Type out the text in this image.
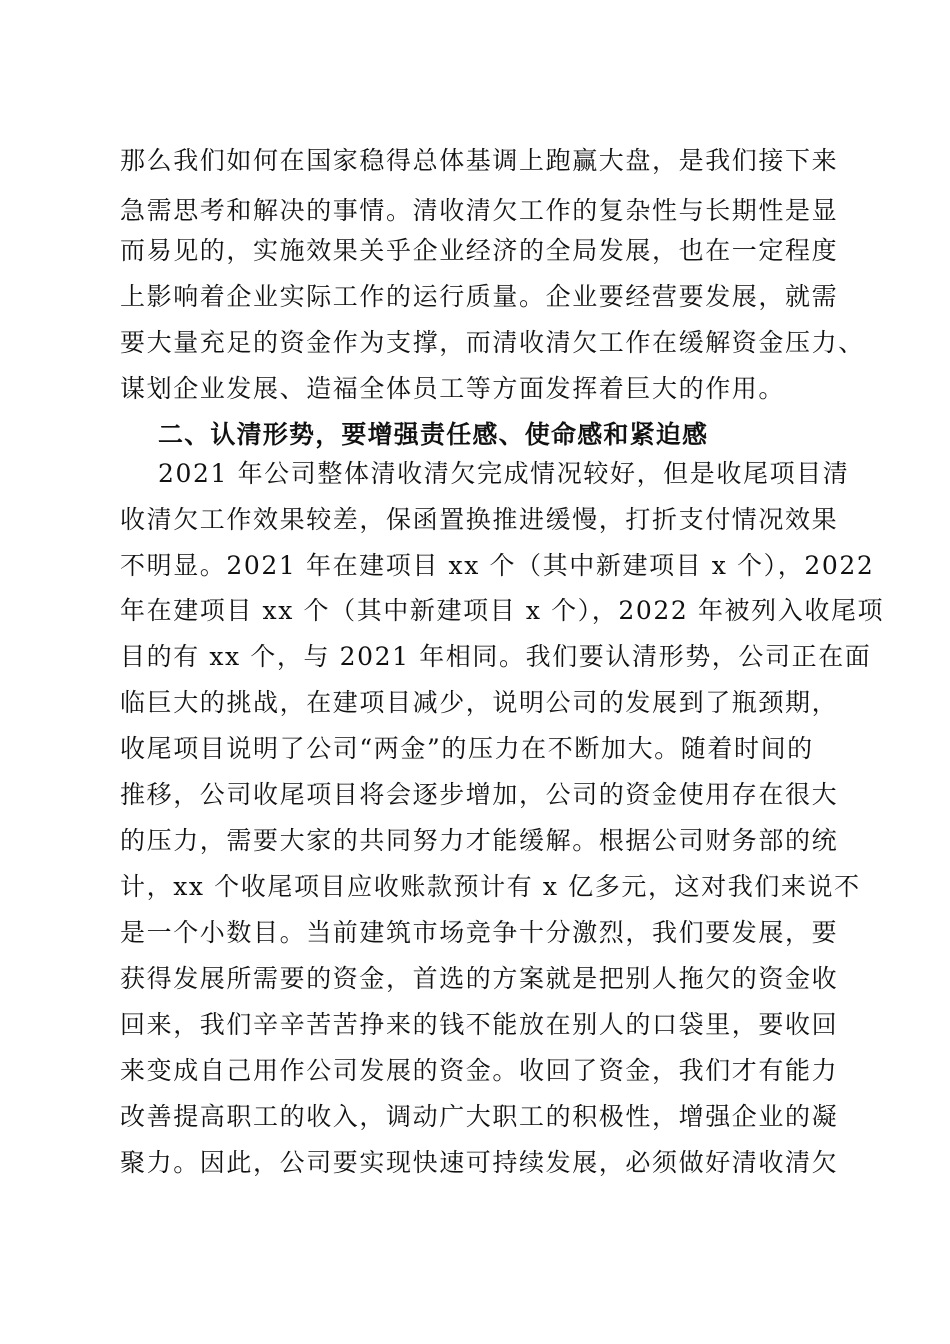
那么我们如何在国家稳得总体基调上跑赢大盘，是我们接下来
急需思考和解决的事情。清收清欠工作的复杂性与长期性是显
而易见的，实施效果关乎企业经济的全局发展，也在一定程度
上影响着企业实际工作的运行质量。企业要经营要发展，就需
要大量充足的资金作为支撑，而清收清欠工作在缓解资金压力、
谋划企业发展、造福全体员工等方面发挥着巨大的作用。
二、认清形势，要增强责任感、使命感和紧迫感
2021 年公司整体清收清欠完成情况较好，但是收尾项目清
收清欠工作效果较差，保函置换推进缓慢，打折支付情况效果
不明显。2021 年在建项目 xx 个（其中新建项目 x 个），2022
年在建项目 xx 个（其中新建项目 x 个），2022 年被列入收尾项
目的有 xx 个，与 2021 年相同。我们要认清形势，公司正在面
临巨大的挑战，在建项目减少，说明公司的发展到了瓶颈期，
收尾项目说明了公司“两金”的压力在不断加大。随着时间的
推移，公司收尾项目将会逐步增加，公司的资金使用存在很大
的压力，需要大家的共同努力才能缓解。根据公司财务部的统
计，xx 个收尾项目应收账款预计有 x 亿多元，这对我们来说不
是一个小数目。当前建筑市场竞争十分激烈，我们要发展，要
获得发展所需要的资金，首选的方案就是把别人拖欠的资金收
回来，我们辛辛苦苦挣来的钱不能放在别人的口袋里，要收回
来变成自己用作公司发展的资金。收回了资金，我们才有能力
改善提高职工的收入，调动广大职工的积极性，增强企业的凝
聚力。因此，公司要实现快速可持续发展，必须做好清收清欠
